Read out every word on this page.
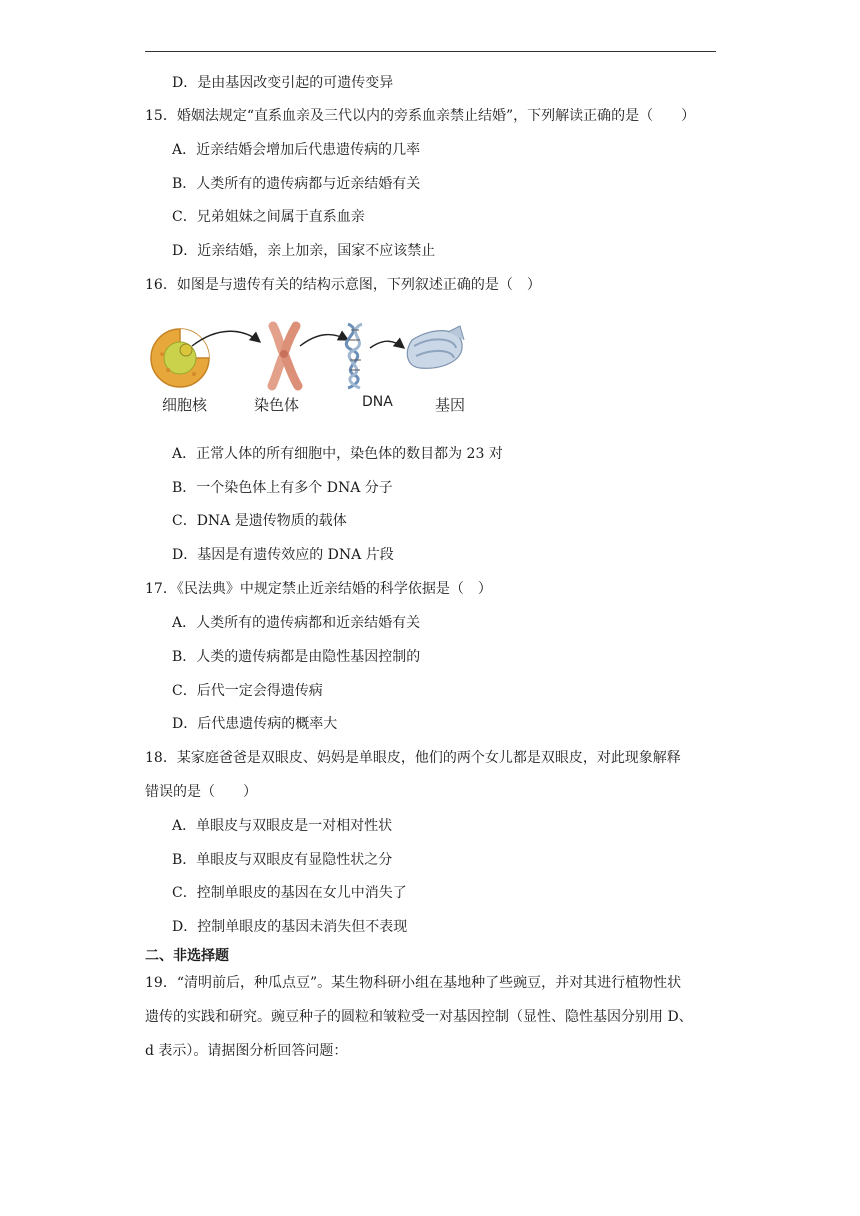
D．是由基因改变引起的可遗传变异
15．婚姻法规定“直系血亲及三代以内的旁系血亲禁止结婚”，下列解读正确的是（　　）
A．近亲结婚会增加后代患遗传病的几率
B．人类所有的遗传病都与近亲结婚有关
C．兄弟姐妹之间属于直系血亲
D．近亲结婚，亲上加亲，国家不应该禁止
16．如图是与遗传有关的结构示意图，下列叙述正确的是（　）
细胞核	染色体	DNA	基因
A．正常人体的所有细胞中，染色体的数目都为 23 对
B．一个染色体上有多个 DNA 分子
C．DNA 是遗传物质的载体
D．基因是有遗传效应的 DNA 片段
17．《民法典》中规定禁止近亲结婚的科学依据是（　）
A．人类所有的遗传病都和近亲结婚有关
B．人类的遗传病都是由隐性基因控制的
C．后代一定会得遗传病
D．后代患遗传病的概率大
18．某家庭爸爸是双眼皮、妈妈是单眼皮，他们的两个女儿都是双眼皮，对此现象解释
错误的是（　　）
A．单眼皮与双眼皮是一对相对性状
B．单眼皮与双眼皮有显隐性状之分
C．控制单眼皮的基因在女儿中消失了
D．控制单眼皮的基因未消失但不表现
二、非选择题
19．“清明前后，种瓜点豆”。某生物科研小组在基地种了些豌豆，并对其进行植物性状
遗传的实践和研究。豌豆种子的圆粒和皱粒受一对基因控制（显性、隐性基因分别用 D、
d 表示）。请据图分析回答问题：
